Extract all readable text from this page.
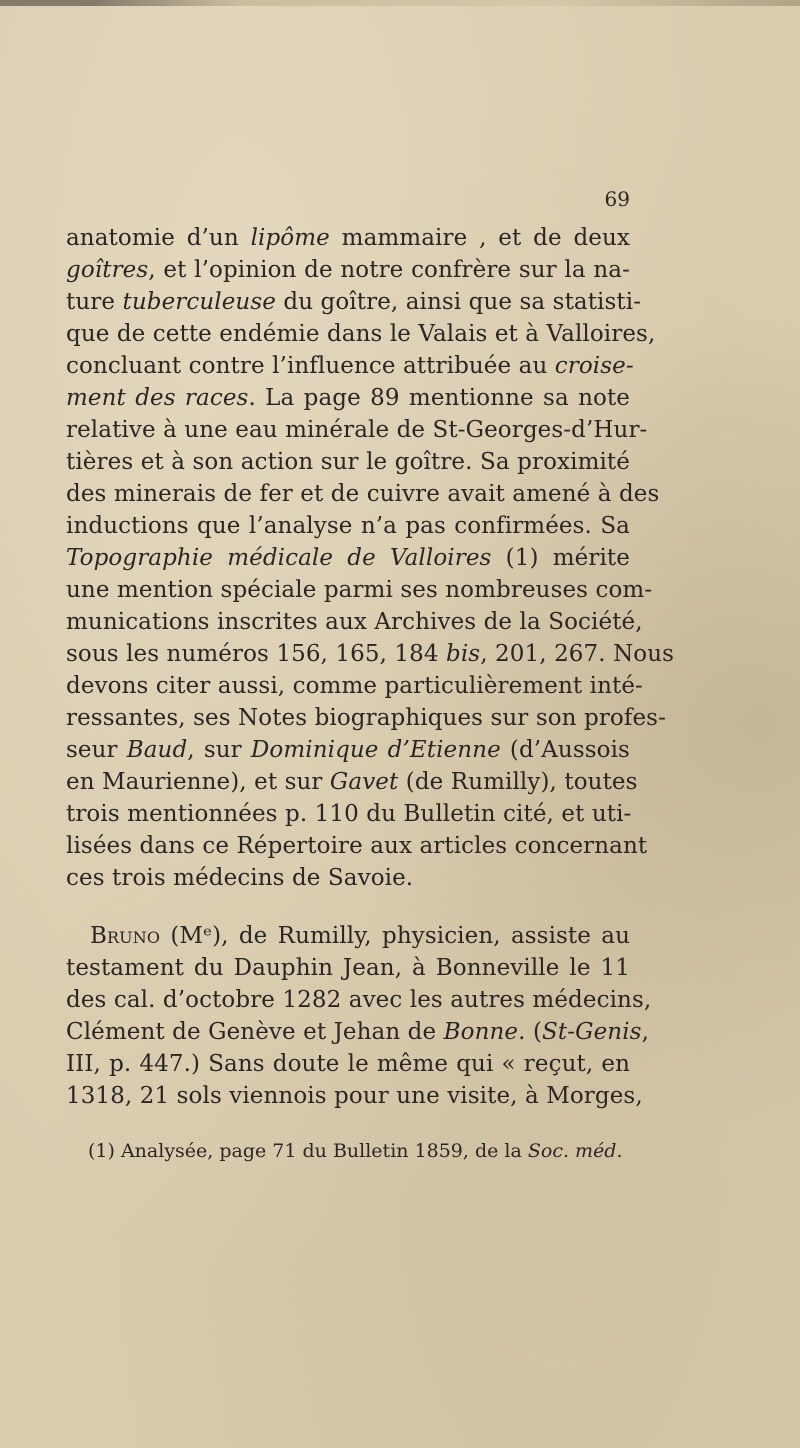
69
anatomie d’un lipôme mammaire , et de deux
goîtres, et l’opinion de notre confrère sur la na-
ture tuberculeuse du goître, ainsi que sa statisti-
que de cette endémie dans le Valais et à Valloires,
concluant contre l’influence attribuée au croise-
ment des races. La page 89 mentionne sa note
relative à une eau minérale de St-Georges-d’Hur-
tières et à son action sur le goître. Sa proximité
des minerais de fer et de cuivre avait amené à des
inductions que l’analyse n’a pas confirmées. Sa
Topographie médicale de Valloires (1) mérite
une mention spéciale parmi ses nombreuses com-
munications inscrites aux Archives de la Société,
sous les numéros 156, 165, 184 bis, 201, 267. Nous
devons citer aussi, comme particulièrement inté-
ressantes, ses Notes biographiques sur son profes-
seur Baud, sur Dominique d’Etienne (d’Aussois
en Maurienne), et sur Gavet (de Rumilly), toutes
trois mentionnées p. 110 du Bulletin cité, et uti-
lisées dans ce Répertoire aux articles concernant
ces trois médecins de Savoie.
Bruno (Mᵉ), de Rumilly, physicien, assiste au
testament du Dauphin Jean, à Bonneville le 11
des cal. d’octobre 1282 avec les autres médecins,
Clément de Genève et Jehan de Bonne. (St-Genis,
III, p. 447.) Sans doute le même qui « reçut, en
1318, 21 sols viennois pour une visite, à Morges,
(1) Analysée, page 71 du Bulletin 1859, de la Soc. méd.
